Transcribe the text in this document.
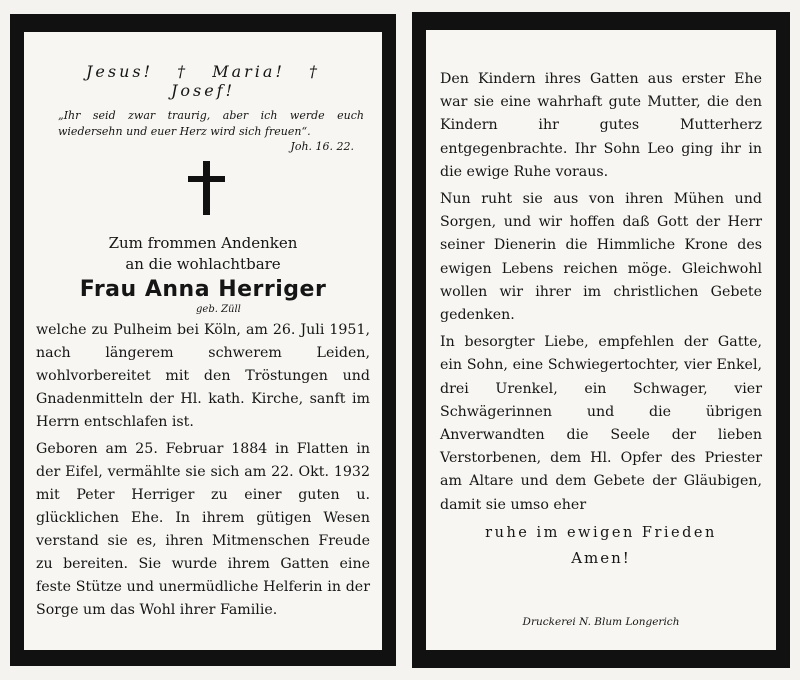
Jesus! † Maria! † Josef!
„Ihr seid zwar traurig, aber ich werde euch wiedersehn und euer Herz wird sich freuen“.
Joh. 16. 22.
Zum frommen Andenken
an die wohlachtbare
Frau Anna Herriger
geb. Züll

welche zu Pulheim bei Köln, am 26. Juli 1951, nach längerem schwerem Leiden, wohlvorbereitet mit den Tröstungen und Gnadenmitteln der Hl. kath. Kirche, sanft im Herrn entschlafen ist.

Geboren am 25. Februar 1884 in Flatten in der Eifel, vermählte sie sich am 22. Okt. 1932 mit Peter Herriger zu einer guten u. glücklichen Ehe. In ihrem gütigen Wesen verstand sie es, ihren Mitmenschen Freude zu bereiten. Sie wurde ihrem Gatten eine feste Stütze und unermüdliche Helferin in der Sorge um das Wohl ihrer Familie.

Den Kindern ihres Gatten aus erster Ehe war sie eine wahrhaft gute Mutter, die den Kindern ihr gutes Mutterherz entgegenbrachte. Ihr Sohn Leo ging ihr in die ewige Ruhe voraus.

Nun ruht sie aus von ihren Mühen und Sorgen, und wir hoffen daß Gott der Herr seiner Dienerin die Himmliche Krone des ewigen Lebens reichen möge. Gleichwohl wollen wir ihrer im christlichen Gebete gedenken.

In besorgter Liebe, empfehlen der Gatte, ein Sohn, eine Schwiegertochter, vier Enkel, drei Urenkel, ein Schwager, vier Schwägerinnen und die übrigen Anverwandten die Seele der lieben Verstorbenen, dem Hl. Opfer des Priester am Altare und dem Gebete der Gläubigen, damit sie umso eher

ruhe im ewigen Frieden
Amen!
Druckerei N. Blum Longerich
